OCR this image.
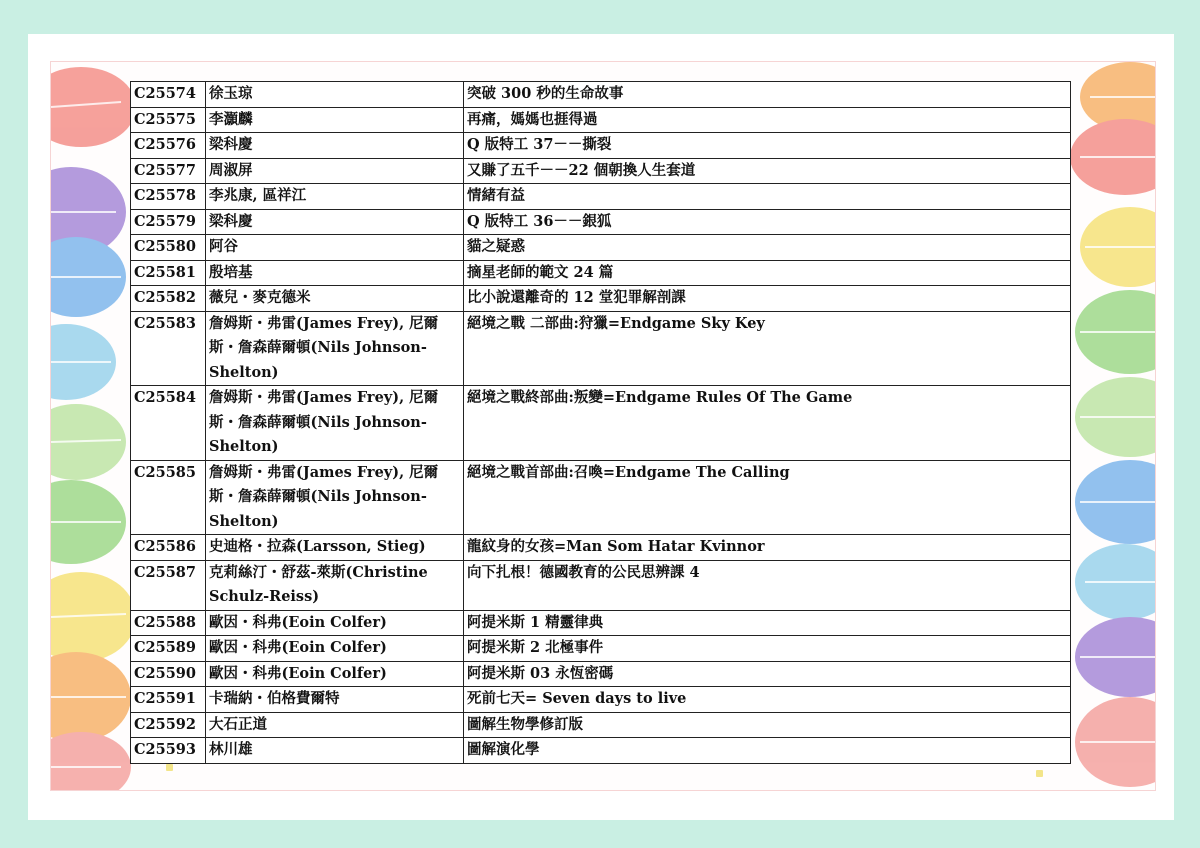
C25574	徐玉琼	突破 300 秒的生命故事
C25575	李灝麟	再痛，媽媽也捱得過
C25576	梁科慶	Q 版特工 37－－撕裂
C25577	周淑屏	又賺了五千－－22 個朝換人生套道
C25578	李兆康, 區祥江	情緒有益
C25579	梁科慶	Q 版特工 36－－銀狐
C25580	阿谷	貓之疑惑
C25581	殷培基	摘星老師的範文 24 篇
C25582	薇兒・麥克德米	比小說還離奇的 12 堂犯罪解剖課
C25583	詹姆斯・弗雷(James Frey), 尼爾斯・詹森薛爾頓(Nils Johnson-Shelton)	絕境之戰 二部曲:狩獵=Endgame Sky Key
C25584	詹姆斯・弗雷(James Frey), 尼爾斯・詹森薛爾頓(Nils Johnson-Shelton)	絕境之戰終部曲:叛變=Endgame Rules Of The Game
C25585	詹姆斯・弗雷(James Frey), 尼爾斯・詹森薛爾頓(Nils Johnson-Shelton)	絕境之戰首部曲:召喚=Endgame The Calling
C25586	史迪格・拉森(Larsson, Stieg)	龍紋身的女孩=Man Som Hatar Kvinnor
C25587	克莉絲汀・舒茲-萊斯(Christine Schulz-Reiss)	向下扎根！德國教育的公民思辨課 4
C25588	歐因・科弗(Eoin Colfer)	阿提米斯 1 精靈律典
C25589	歐因・科弗(Eoin Colfer)	阿提米斯 2 北極事件
C25590	歐因・科弗(Eoin Colfer)	阿提米斯 03 永恆密碼
C25591	卡瑞納・伯格費爾特	死前七天= Seven days to live
C25592	大石正道	圖解生物學修訂版
C25593	林川雄	圖解演化學
